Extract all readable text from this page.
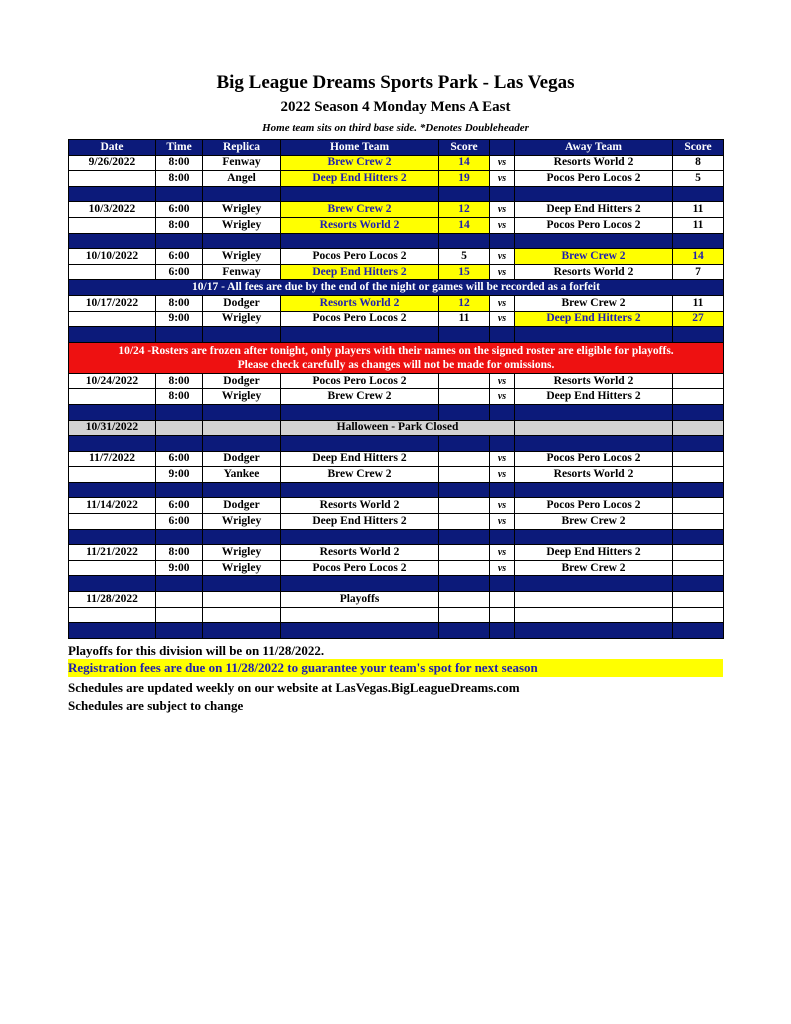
Big League Dreams Sports Park - Las Vegas
2022 Season 4 Monday Mens A East
Home team sits on third base side. *Denotes Doubleheader
Date	Time	Replica	Home Team	Score		Away Team	Score
9/26/2022	8:00	Fenway	Brew Crew 2	14	vs	Resorts World 2	8
	8:00	Angel	Deep End Hitters 2	19	vs	Pocos Pero Locos 2	5

10/3/2022	6:00	Wrigley	Brew Crew 2	12	vs	Deep End Hitters 2	11
	8:00	Wrigley	Resorts World 2	14	vs	Pocos Pero Locos 2	11

10/10/2022	6:00	Wrigley	Pocos Pero Locos 2	5	vs	Brew Crew 2	14
	6:00	Fenway	Deep End Hitters 2	15	vs	Resorts World 2	7
10/17 - All fees are due by the end of the night or games will be recorded as a forfeit							
10/17/2022	8:00	Dodger	Resorts World 2	12	vs	Brew Crew 2	11
	9:00	Wrigley	Pocos Pero Locos 2	11	vs	Deep End Hitters 2	27

10/24 -Rosters are frozen after tonight, only players with their names on the signed roster are eligible for playoffs.
Please check carefully as changes will not be made for omissions.							

10/24/2022	8:00	Dodger	Pocos Pero Locos 2		vs	Resorts World 2	
	8:00	Wrigley	Brew Crew 2		vs	Deep End Hitters 2	

10/31/2022			Halloween - Park Closed				

11/7/2022	6:00	Dodger	Deep End Hitters 2		vs	Pocos Pero Locos 2	
	9:00	Yankee	Brew Crew 2		vs	Resorts World 2	

11/14/2022	6:00	Dodger	Resorts World 2		vs	Pocos Pero Locos 2	
	6:00	Wrigley	Deep End Hitters 2		vs	Brew Crew 2	

11/21/2022	8:00	Wrigley	Resorts World 2		vs	Deep End Hitters 2	
	9:00	Wrigley	Pocos Pero Locos 2		vs	Brew Crew 2	

11/28/2022			Playoffs				

Playoffs for this division will be on 11/28/2022.
Registration fees are due on 11/28/2022 to guarantee your team's spot for next season
Schedules are updated weekly on our website at LasVegas.BigLeagueDreams.com
Schedules are subject to change
